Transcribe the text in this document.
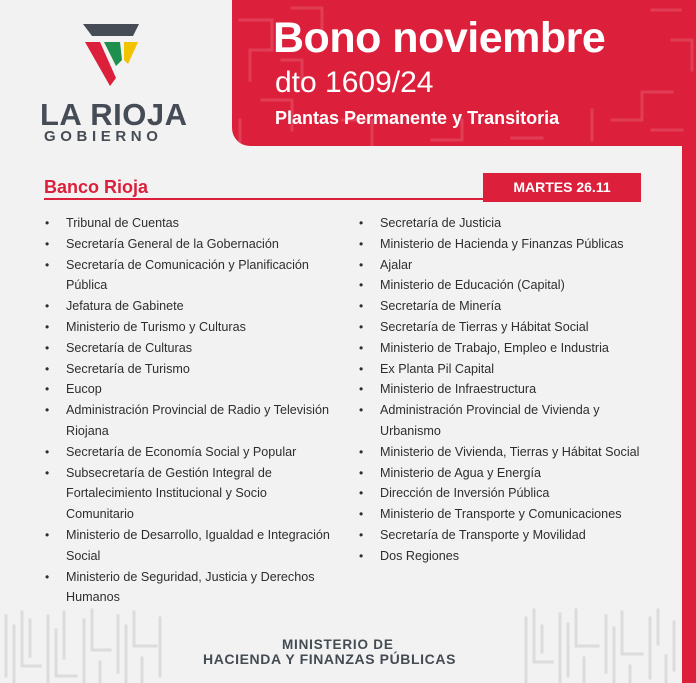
Bono noviembre
dto 1609/24
Plantas Permanente y Transitoria
LA RIOJA
GOBIERNO
Banco Rioja	MARTES 26.11
• Tribunal de Cuentas
• Secretaría General de la Gobernación
• Secretaría de Comunicación y Planificación Pública
• Jefatura de Gabinete
• Ministerio de Turismo y Culturas
• Secretaría de Culturas
• Secretaría de Turismo
• Eucop
• Administración Provincial de Radio y Televisión Riojana
• Secretaría de Economía Social y Popular
• Subsecretaría de Gestión Integral de Fortalecimiento Institucional y Socio Comunitario
• Ministerio de Desarrollo, Igualdad e Integración Social
• Ministerio de Seguridad, Justicia y Derechos Humanos
• Secretaría de Justicia
• Ministerio de Hacienda y Finanzas Públicas
• Ajalar
• Ministerio de Educación (Capital)
• Secretaría de Minería
• Secretaría de Tierras y Hábitat Social
• Ministerio de Trabajo, Empleo e Industria
• Ex Planta Pil Capital
• Ministerio de Infraestructura
• Administración Provincial de Vivienda y Urbanismo
• Ministerio de Vivienda, Tierras y Hábitat Social
• Ministerio de Agua y Energía
• Dirección de Inversión Pública
• Ministerio de Transporte y Comunicaciones
• Secretaría de Transporte y Movilidad
• Dos Regiones
MINISTERIO DE
HACIENDA Y FINANZAS PÚBLICAS
